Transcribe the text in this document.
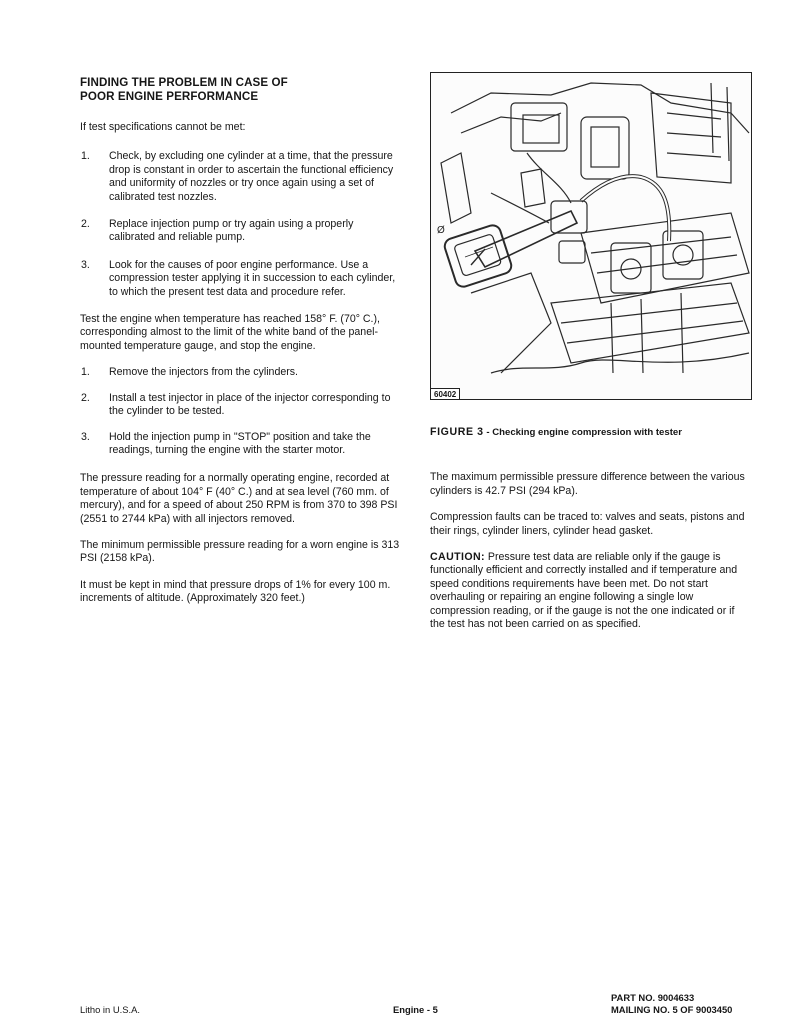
FINDING THE PROBLEM IN CASE OF
POOR ENGINE PERFORMANCE

If test specifications cannot be met:

1. Check, by excluding one cylinder at a time, that the pressure drop is constant in order to ascertain the functional efficiency and uniformity of nozzles or try once again using a set of calibrated test nozzles.
2. Replace injection pump or try again using a properly calibrated and reliable pump.
3. Look for the causes of poor engine performance. Use a compression tester applying it in succession to each cylinder, to which the present test data and procedure refer.

Test the engine when temperature has reached 158° F. (70° C.), corresponding almost to the limit of the white band of the panel-mounted temperature gauge, and stop the engine.

1. Remove the injectors from the cylinders.
2. Install a test injector in place of the injector corresponding to the cylinder to be tested.
3. Hold the injection pump in "STOP" position and take the readings, turning the engine with the starter motor.

The pressure reading for a normally operating engine, recorded at temperature of about 104° F (40° C.) and at sea level (760 mm. of mercury), and for a speed of about 250 RPM is from 370 to 398 PSI (2551 to 2744 kPa) with all injectors removed.

The minimum permissible pressure reading for a worn engine is 313 PSI (2158 kPa).

It must be kept in mind that pressure drops of 1% for every 100 m. increments of altitude. (Approximately 320 feet.)

Ø
60402

FIGURE 3 - Checking engine compression with tester

The maximum permissible pressure difference between the various cylinders is 42.7 PSI (294 kPa).

Compression faults can be traced to: valves and seats, pistons and their rings, cylinder liners, cylinder head gasket.

CAUTION: Pressure test data are reliable only if the gauge is functionally efficient and correctly installed and if temperature and speed conditions requirements have been met. Do not start overhauling or repairing an engine following a single low compression reading, or if the gauge is not the one indicated or if the test has not been carried on as specified.

Litho in U.S.A.	Engine - 5
PART NO. 9004633
MAILING NO. 5 OF 9003450
